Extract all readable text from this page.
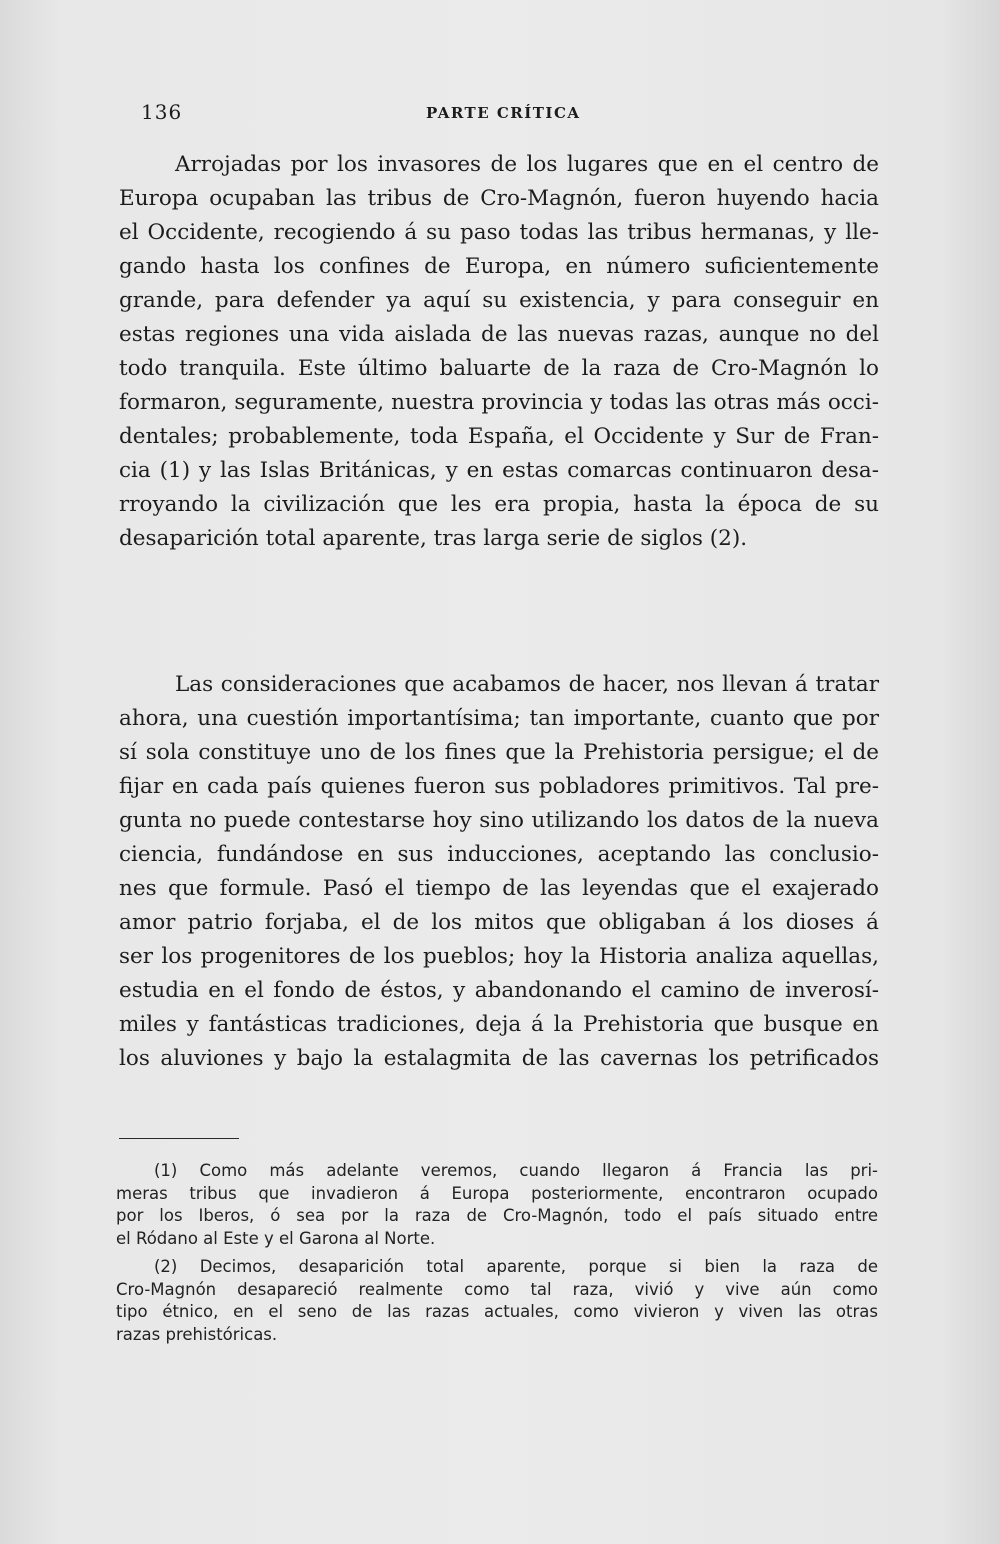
136	PARTE CRÍTICA
Arrojadas por los invasores de los lugares que en el centro de
Europa ocupaban las tribus de Cro-Magnón, fueron huyendo hacia
el Occidente, recogiendo á su paso todas las tribus hermanas, y lle-
gando hasta los confines de Europa, en número suficientemente
grande, para defender ya aquí su existencia, y para conseguir en
estas regiones una vida aislada de las nuevas razas, aunque no del
todo tranquila. Este último baluarte de la raza de Cro-Magnón lo
formaron, seguramente, nuestra provincia y todas las otras más occi-
dentales; probablemente, toda España, el Occidente y Sur de Fran-
cia (1) y las Islas Británicas, y en estas comarcas continuaron desa-
rroyando la civilización que les era propia, hasta la época de su
desaparición total aparente, tras larga serie de siglos (2).
Las consideraciones que acabamos de hacer, nos llevan á tratar
ahora, una cuestión importantísima; tan importante, cuanto que por
sí sola constituye uno de los fines que la Prehistoria persigue; el de
fijar en cada país quienes fueron sus pobladores primitivos. Tal pre-
gunta no puede contestarse hoy sino utilizando los datos de la nueva
ciencia, fundándose en sus inducciones, aceptando las conclusio-
nes que formule. Pasó el tiempo de las leyendas que el exajerado
amor patrio forjaba, el de los mitos que obligaban á los dioses á
ser los progenitores de los pueblos; hoy la Historia analiza aquellas,
estudia en el fondo de éstos, y abandonando el camino de inverosí-
miles y fantásticas tradiciones, deja á la Prehistoria que busque en
los aluviones y bajo la estalagmita de las cavernas los petrificados
(1) Como más adelante veremos, cuando llegaron á Francia las pri-
meras tribus que invadieron á Europa posteriormente, encontraron ocupado
por los Iberos, ó sea por la raza de Cro-Magnón, todo el país situado entre
el Ródano al Este y el Garona al Norte.
(2) Decimos, desaparición total aparente, porque si bien la raza de
Cro-Magnón desapareció realmente como tal raza, vivió y vive aún como
tipo étnico, en el seno de las razas actuales, como vivieron y viven las otras
razas prehistóricas.
